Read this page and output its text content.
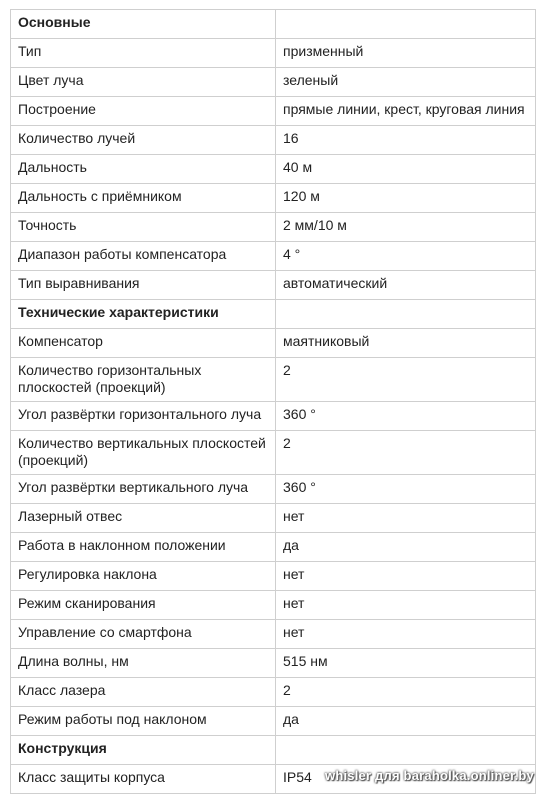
Основные	
Тип	призменный
Цвет луча	зеленый
Построение	прямые линии, крест, круговая линия
Количество лучей	16
Дальность	40 м
Дальность с приёмником	120 м
Точность	2 мм/10 м
Диапазон работы компенсатора	4 °
Тип выравнивания	автоматический
Технические характеристики	
Компенсатор	маятниковый
Количество горизонтальных плоскостей (проекций)	2
Угол развёртки горизонтального луча	360 °
Количество вертикальных плоскостей (проекций)	2
Угол развёртки вертикального луча	360 °
Лазерный отвес	нет
Работа в наклонном положении	да
Регулировка наклона	нет
Режим сканирования	нет
Управление со смартфона	нет
Длина волны, нм	515 нм
Класс лазера	2
Режим работы под наклоном	да
Конструкция	
Класс защиты корпуса	IP54 whisler для baraholka.onliner.by
